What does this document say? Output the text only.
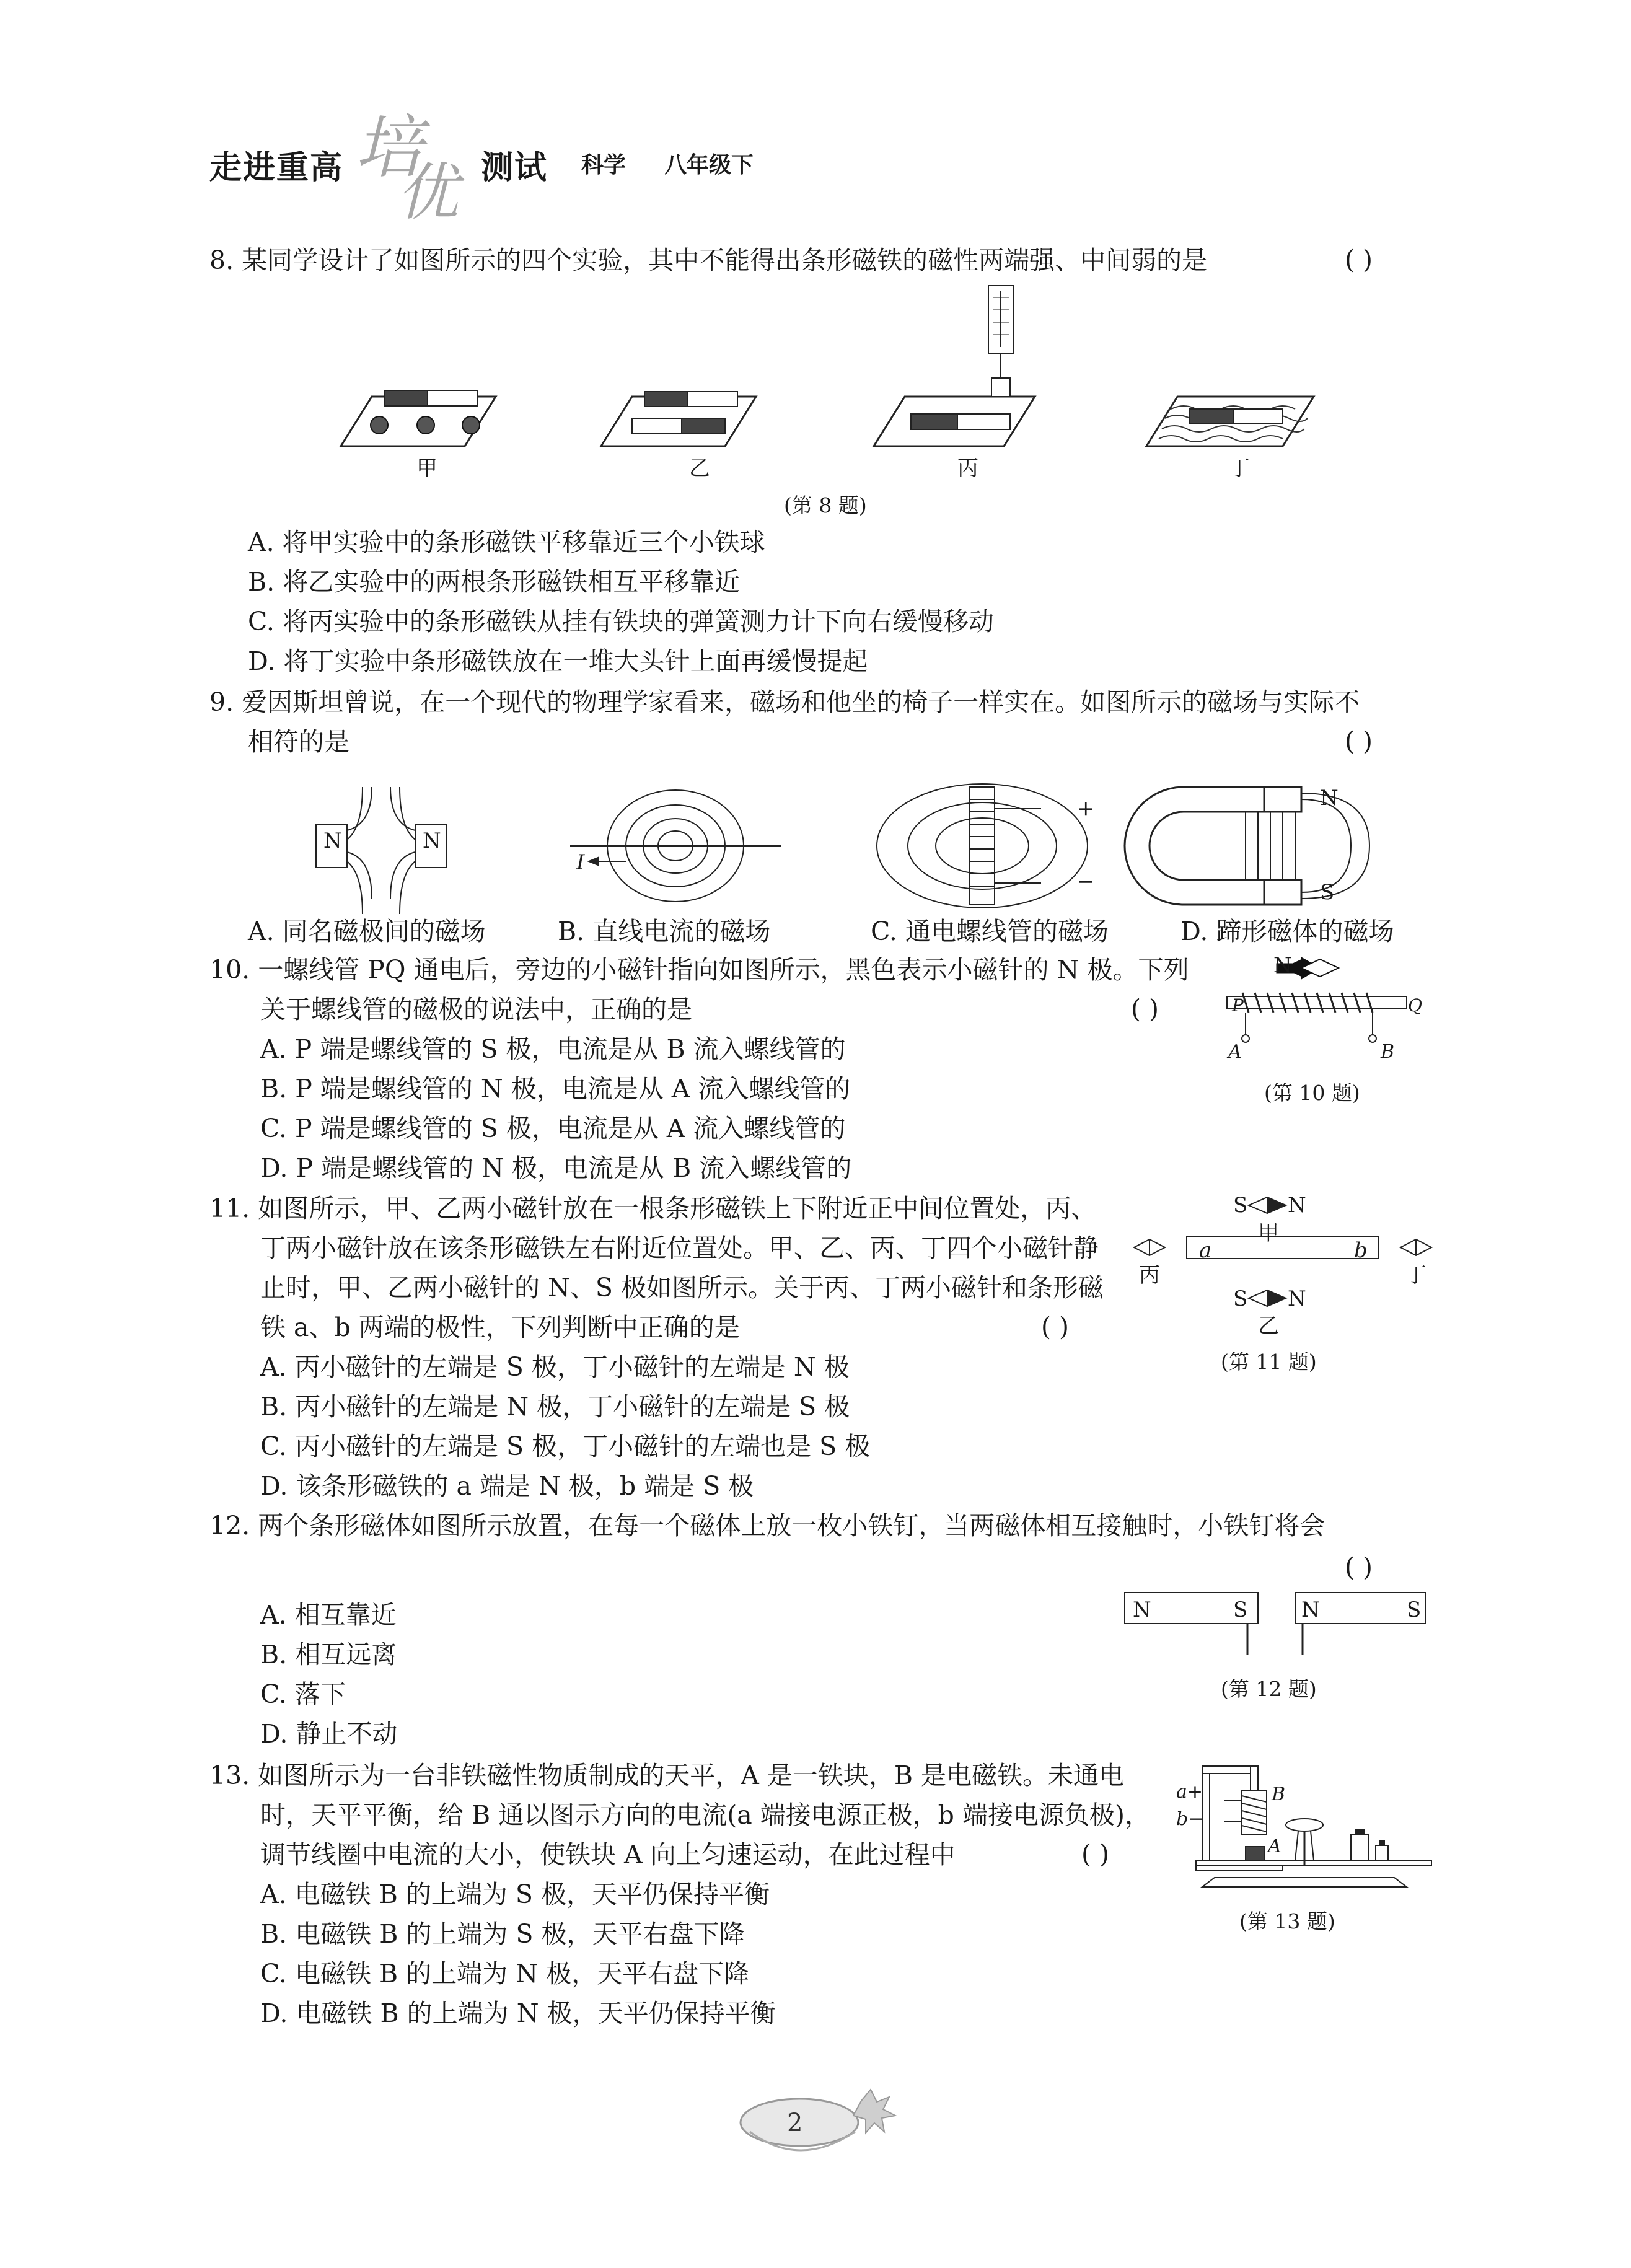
走进重高 培
优 测试 科学 八年级下
8. 某同学设计了如图所示的四个实验，其中不能得出条形磁铁的磁性两端强、中间弱的是	( )
甲	乙	丙	丁
(第 8 题)
A. 将甲实验中的条形磁铁平移靠近三个小铁球
B. 将乙实验中的两根条形磁铁相互平移靠近
C. 将丙实验中的条形磁铁从挂有铁块的弹簧测力计下向右缓慢移动
D. 将丁实验中条形磁铁放在一堆大头针上面再缓慢提起
9. 爱因斯坦曾说，在一个现代的物理学家看来，磁场和他坐的椅子一样实在。如图所示的磁场与实际不
相符的是	( )
N	N
I
+
−
N
S
A. 同名磁极间的磁场	B. 直线电流的磁场	C. 通电螺线管的磁场	D. 蹄形磁体的磁场
10. 一螺线管 PQ 通电后，旁边的小磁针指向如图所示，黑色表示小磁针的 N 极。下列
关于螺线管的磁极的说法中，正确的是	( )
N
P	Q
A	B
(第 10 题)
A. P 端是螺线管的 S 极，电流是从 B 流入螺线管的
B. P 端是螺线管的 N 极，电流是从 A 流入螺线管的
C. P 端是螺线管的 S 极，电流是从 A 流入螺线管的
D. P 端是螺线管的 N 极，电流是从 B 流入螺线管的
11. 如图所示，甲、乙两小磁针放在一根条形磁铁上下附近正中间位置处，丙、
丁两小磁针放在该条形磁铁左右附近位置处。甲、乙、丙、丁四个小磁针静
止时，甲、乙两小磁针的 N、S 极如图所示。关于丙、丁两小磁针和条形磁
铁 a、b 两端的极性，下列判断中正确的是	( )
S N
甲
a	b
丙	丁
S N
乙
(第 11 题)
A. 丙小磁针的左端是 S 极，丁小磁针的左端是 N 极
B. 丙小磁针的左端是 N 极，丁小磁针的左端是 S 极
C. 丙小磁针的左端是 S 极，丁小磁针的左端也是 S 极
D. 该条形磁铁的 a 端是 N 极，b 端是 S 极
12. 两个条形磁体如图所示放置，在每一个磁体上放一枚小铁钉，当两磁体相互接触时，小铁钉将会
( )
N	S	N	S
(第 12 题)
A. 相互靠近
B. 相互远离
C. 落下
D. 静止不动
13. 如图所示为一台非铁磁性物质制成的天平，A 是一铁块，B 是电磁铁。未通电
时，天平平衡，给 B 通以图示方向的电流(a 端接电源正极，b 端接电源负极)，
调节线圈中电流的大小，使铁块 A 向上匀速运动，在此过程中	( )
a+
b−
B
A
(第 13 题)
A. 电磁铁 B 的上端为 S 极，天平仍保持平衡
B. 电磁铁 B 的上端为 S 极，天平右盘下降
C. 电磁铁 B 的上端为 N 极，天平右盘下降
D. 电磁铁 B 的上端为 N 极，天平仍保持平衡
2
